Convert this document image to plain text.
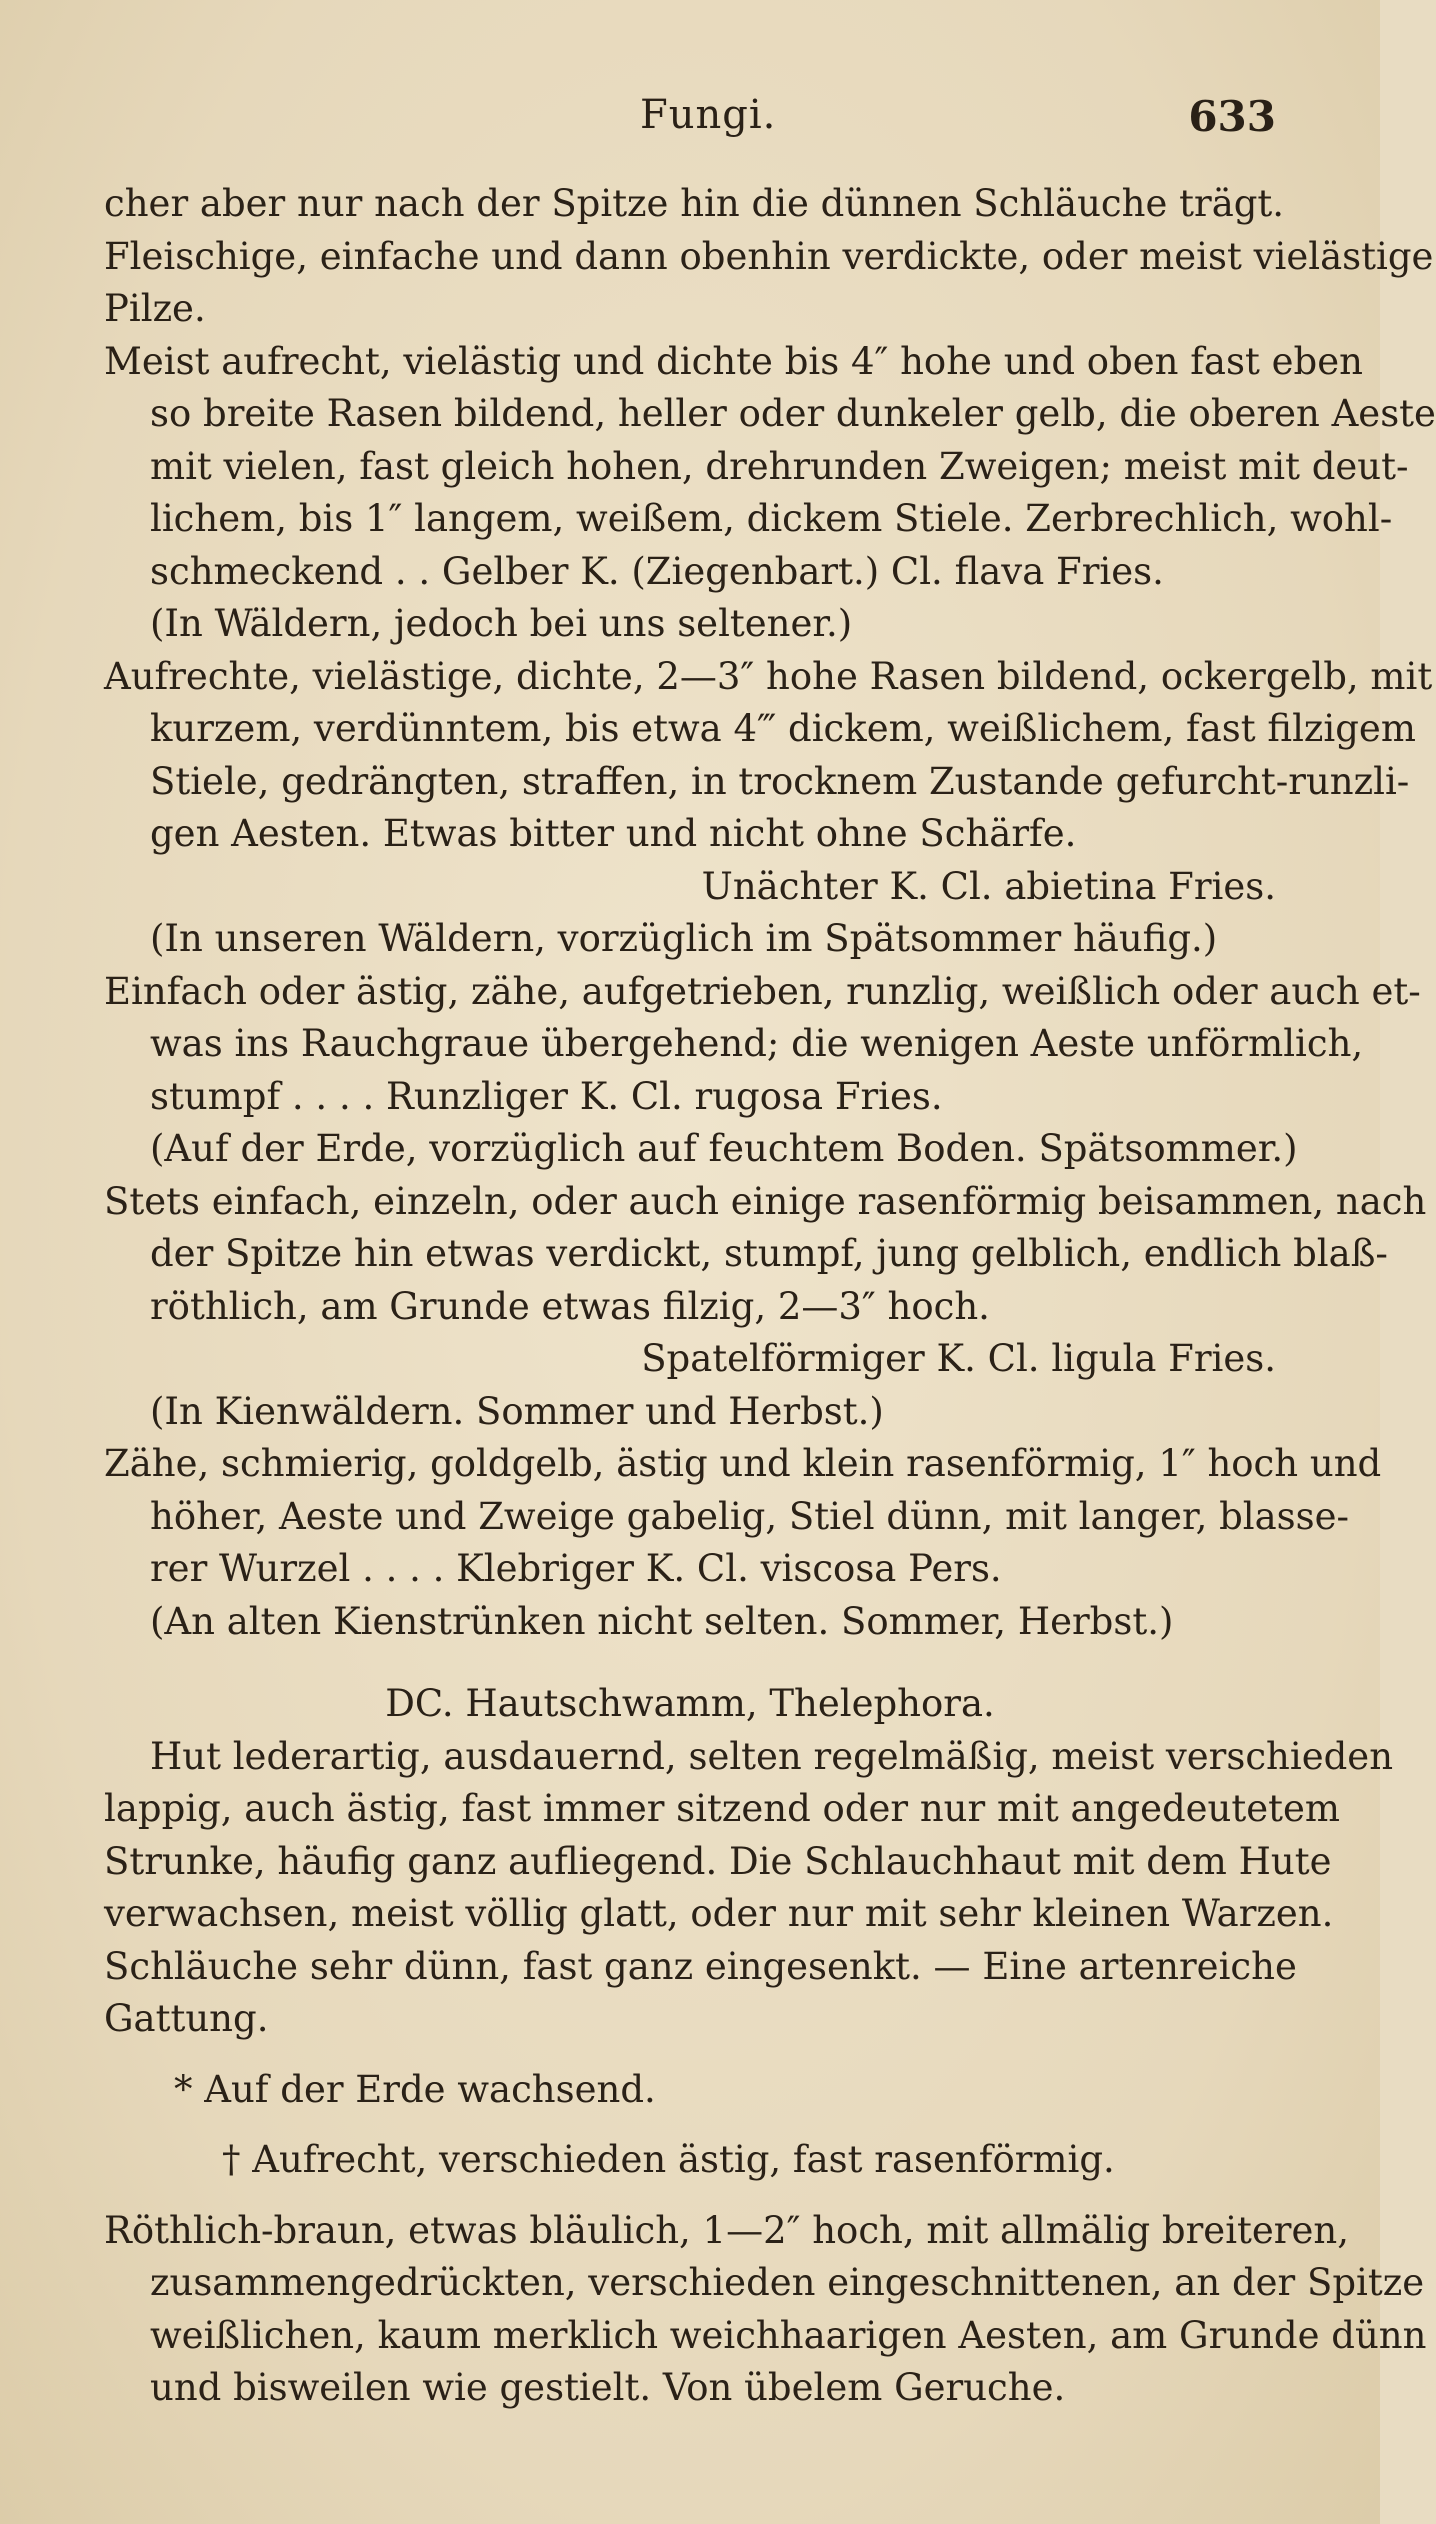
Fungi.	633
cher aber nur nach der Spitze hin die dünnen Schläuche trägt.
Fleischige, einfache und dann obenhin verdickte, oder meist vielästige
Pilze.
Meist aufrecht, vielästig und dichte bis 4″ hohe und oben fast eben
so breite Rasen bildend, heller oder dunkeler gelb, die oberen Aeste
mit vielen, fast gleich hohen, drehrunden Zweigen; meist mit deut-
lichem, bis 1″ langem, weißem, dickem Stiele. Zerbrechlich, wohl-
schmeckend . . Gelber K. (Ziegenbart.) Cl. flava Fries.
(In Wäldern, jedoch bei uns seltener.)
Aufrechte, vielästige, dichte, 2—3″ hohe Rasen bildend, ockergelb, mit
kurzem, verdünntem, bis etwa 4‴ dickem, weißlichem, fast filzigem
Stiele, gedrängten, straffen, in trocknem Zustande gefurcht-runzli-
gen Aesten. Etwas bitter und nicht ohne Schärfe.
Unächter K. Cl. abietina Fries.
(In unseren Wäldern, vorzüglich im Spätsommer häufig.)
Einfach oder ästig, zähe, aufgetrieben, runzlig, weißlich oder auch et-
was ins Rauchgraue übergehend; die wenigen Aeste unförmlich,
stumpf . . . . Runzliger K. Cl. rugosa Fries.
(Auf der Erde, vorzüglich auf feuchtem Boden. Spätsommer.)
Stets einfach, einzeln, oder auch einige rasenförmig beisammen, nach
der Spitze hin etwas verdickt, stumpf, jung gelblich, endlich blaß-
röthlich, am Grunde etwas filzig, 2—3″ hoch.
Spatelförmiger K. Cl. ligula Fries.
(In Kienwäldern. Sommer und Herbst.)
Zähe, schmierig, goldgelb, ästig und klein rasenförmig, 1″ hoch und
höher, Aeste und Zweige gabelig, Stiel dünn, mit langer, blasse-
rer Wurzel . . . . Klebriger K. Cl. viscosa Pers.
(An alten Kienstrünken nicht selten. Sommer, Herbst.)
DC. Hautschwamm, Thelephora.
Hut lederartig, ausdauernd, selten regelmäßig, meist verschieden
lappig, auch ästig, fast immer sitzend oder nur mit angedeutetem
Strunke, häufig ganz aufliegend. Die Schlauchhaut mit dem Hute
verwachsen, meist völlig glatt, oder nur mit sehr kleinen Warzen.
Schläuche sehr dünn, fast ganz eingesenkt. — Eine artenreiche
Gattung.
* Auf der Erde wachsend.
† Aufrecht, verschieden ästig, fast rasenförmig.
Röthlich-braun, etwas bläulich, 1—2″ hoch, mit allmälig breiteren,
zusammengedrückten, verschieden eingeschnittenen, an der Spitze
weißlichen, kaum merklich weichhaarigen Aesten, am Grunde dünn
und bisweilen wie gestielt. Von übelem Geruche.
